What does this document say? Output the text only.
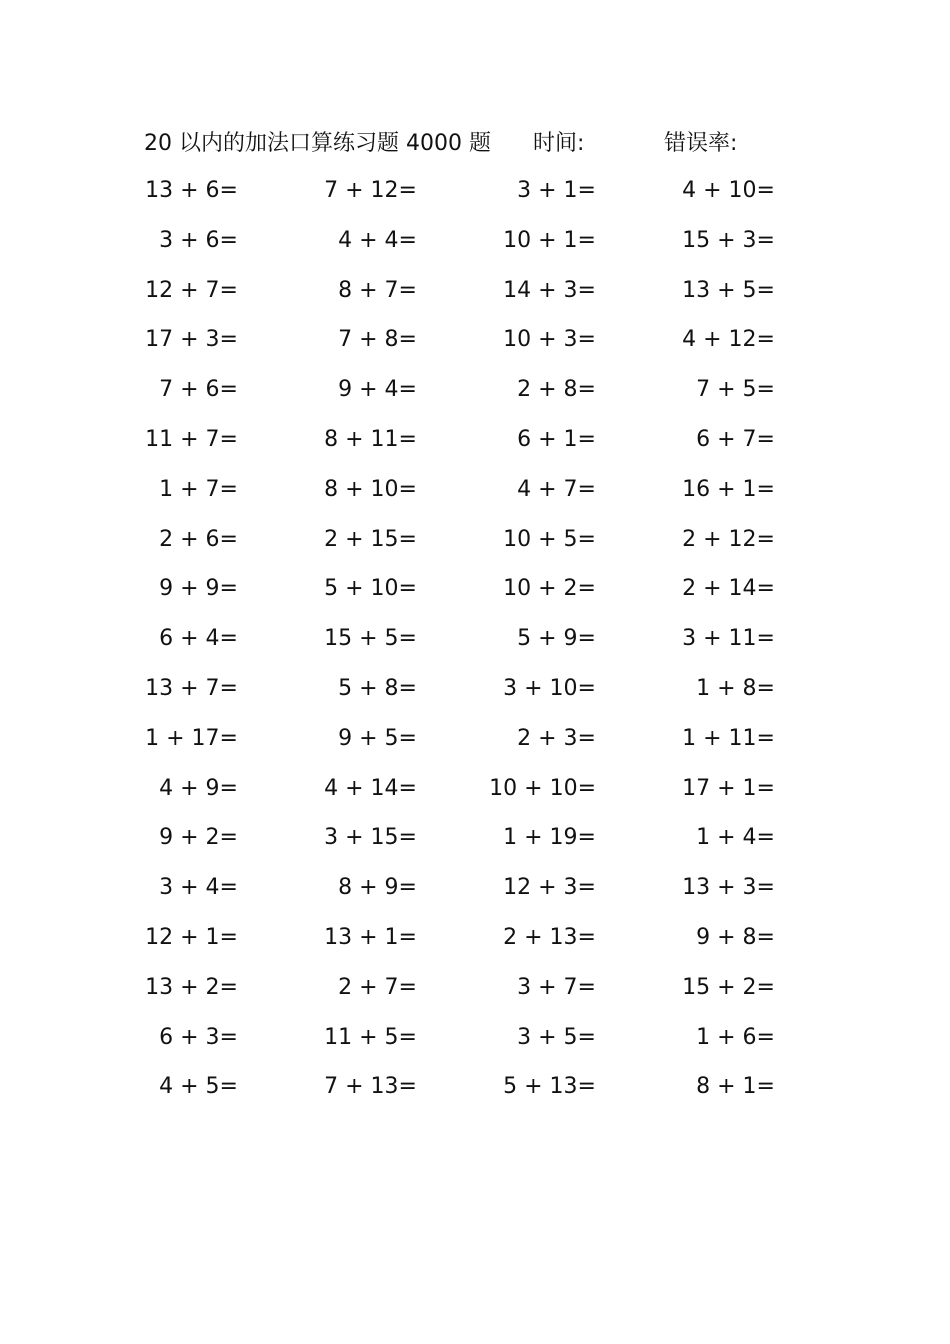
20 以内的加法口算练习题 4000 题 时间:	错误率:
13 + 6=	7 + 12=	3 + 1=	4 + 10=
3 + 6=	4 + 4=	10 + 1=	15 + 3=
12 + 7=	8 + 7=	14 + 3=	13 + 5=
17 + 3=	7 + 8=	10 + 3=	4 + 12=
7 + 6=	9 + 4=	2 + 8=	7 + 5=
11 + 7=	8 + 11=	6 + 1=	6 + 7=
1 + 7=	8 + 10=	4 + 7=	16 + 1=
2 + 6=	2 + 15=	10 + 5=	2 + 12=
9 + 9=	5 + 10=	10 + 2=	2 + 14=
6 + 4=	15 + 5=	5 + 9=	3 + 11=
13 + 7=	5 + 8=	3 + 10=	1 + 8=
1 + 17=	9 + 5=	2 + 3=	1 + 11=
4 + 9=	4 + 14=	10 + 10=	17 + 1=
9 + 2=	3 + 15=	1 + 19=	1 + 4=
3 + 4=	8 + 9=	12 + 3=	13 + 3=
12 + 1=	13 + 1=	2 + 13=	9 + 8=
13 + 2=	2 + 7=	3 + 7=	15 + 2=
6 + 3=	11 + 5=	3 + 5=	1 + 6=
4 + 5=	7 + 13=	5 + 13=	8 + 1=
